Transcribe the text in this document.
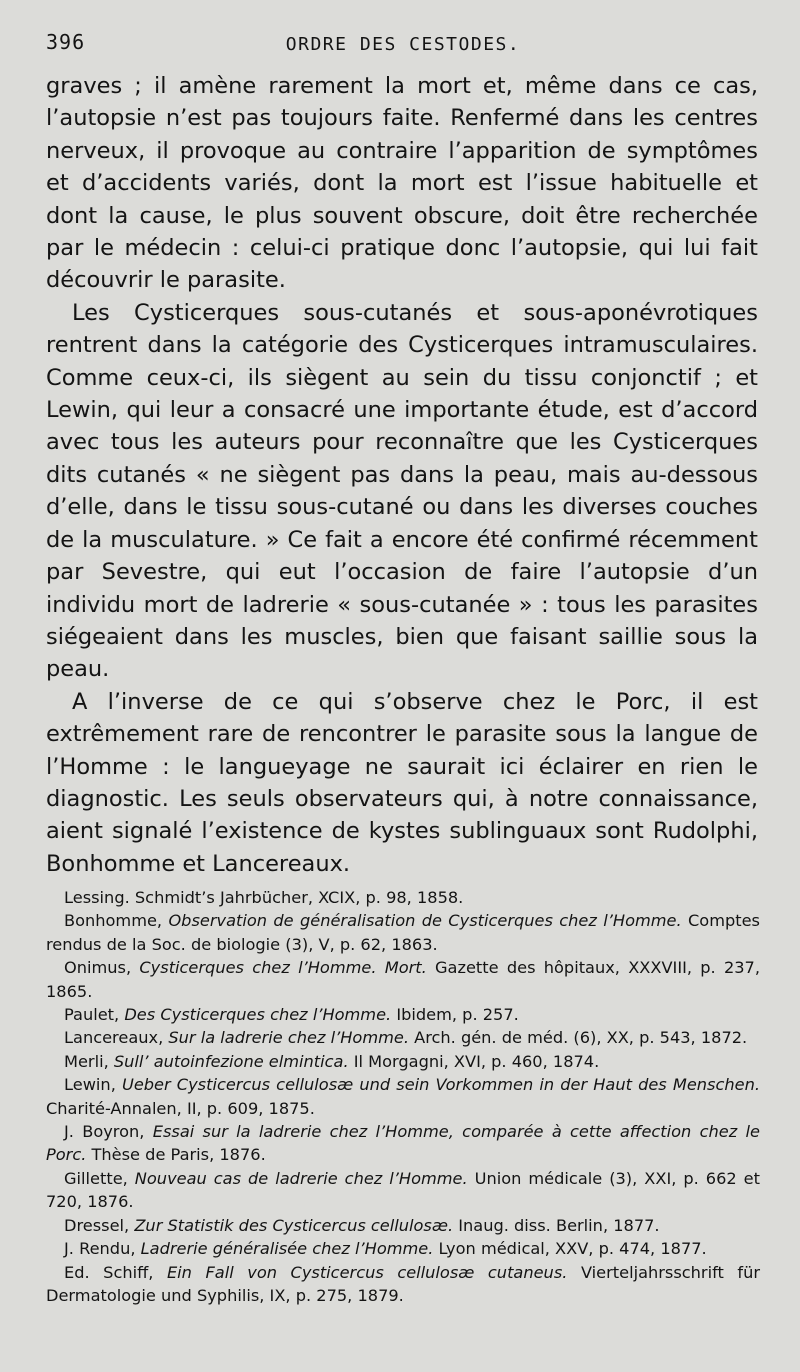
396	ORDRE DES CESTODES.

graves ; il amène rarement la mort et, même dans ce cas, l’autopsie n’est pas toujours faite. Renfermé dans les centres nerveux, il provoque au contraire l’apparition de symptômes et d’accidents variés, dont la mort est l’issue habituelle et dont la cause, le plus souvent obscure, doit être recherchée par le médecin : celui-ci pratique donc l’autopsie, qui lui fait découvrir le parasite.

Les Cysticerques sous-cutanés et sous-aponévrotiques rentrent dans la catégorie des Cysticerques intramusculaires. Comme ceux-ci, ils siègent au sein du tissu conjonctif ; et Lewin, qui leur a consacré une importante étude, est d’accord avec tous les auteurs pour reconnaître que les Cysticerques dits cutanés « ne siègent pas dans la peau, mais au-dessous d’elle, dans le tissu sous-cutané ou dans les diverses couches de la musculature. » Ce fait a encore été confirmé récemment par Sevestre, qui eut l’occasion de faire l’autopsie d’un individu mort de ladrerie « sous-cutanée » : tous les parasites siégeaient dans les muscles, bien que faisant saillie sous la peau.

A l’inverse de ce qui s’observe chez le Porc, il est extrêmement rare de rencontrer le parasite sous la langue de l’Homme : le langueyage ne saurait ici éclairer en rien le diagnostic. Les seuls observateurs qui, à notre connaissance, aient signalé l’existence de kystes sublinguaux sont Rudolphi, Bonhomme et Lancereaux.

Lessing. Schmidt’s Jahrbücher, XCIX, p. 98, 1858.

Bonhomme, Observation de généralisation de Cysticerques chez l’Homme. Comptes rendus de la Soc. de biologie (3), V, p. 62, 1863.

Onimus, Cysticerques chez l’Homme. Mort. Gazette des hôpitaux, XXXVIII, p. 237, 1865.

Paulet, Des Cysticerques chez l’Homme. Ibidem, p. 257.

Lancereaux, Sur la ladrerie chez l’Homme. Arch. gén. de méd. (6), XX, p. 543, 1872.

Merli, Sull’ autoinfezione elmintica. Il Morgagni, XVI, p. 460, 1874.

Lewin, Ueber Cysticercus cellulosæ und sein Vorkommen in der Haut des Menschen. Charité-Annalen, II, p. 609, 1875.

J. Boyron, Essai sur la ladrerie chez l’Homme, comparée à cette affection chez le Porc. Thèse de Paris, 1876.

Gillette, Nouveau cas de ladrerie chez l’Homme. Union médicale (3), XXI, p. 662 et 720, 1876.

Dressel, Zur Statistik des Cysticercus cellulosæ. Inaug. diss. Berlin, 1877.

J. Rendu, Ladrerie généralisée chez l’Homme. Lyon médical, XXV, p. 474, 1877.

Ed. Schiff, Ein Fall von Cysticercus cellulosæ cutaneus. Vierteljahrsschrift für Dermatologie und Syphilis, IX, p. 275, 1879.
